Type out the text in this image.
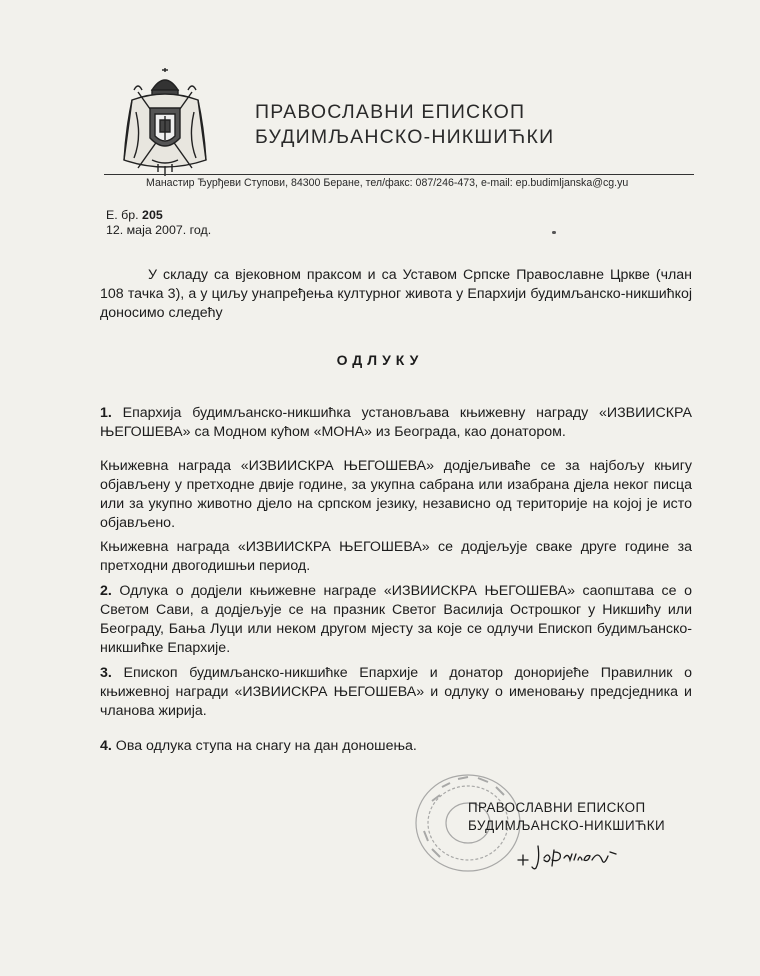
ПРАВОСЛАВНИ ЕПИСКОП
БУДИМЉАНСКО-НИКШИЋКИ
Манастир Ђурђеви Ступови, 84300 Беране, тел/факс: 087/246-473, e-mail: ep.budimljanska@cg.yu
Е. бр. 205
12. маја 2007. год.
У складу са вјековном праксом и са Уставом Српске Православне Цркве (члан 108 тачка 3), а у циљу унапређења културног живота у Епархији будимљанско-никшићкој доносимо следећу
ОДЛУКУ
1. Епархија будимљанско-никшићка установљава књижевну награду «ИЗВИИСКРА ЊЕГОШЕВА» са Модном кућом «МОНА» из Београда, као донатором.
Књижевна награда «ИЗВИИСКРА ЊЕГОШЕВА» додјељиваће се за најбољу књигу објављену у претходне двије године, за укупна сабрана или изабрана дјела неког писца или за укупно животно дјело на српском језику, независно од територије на којој је исто објављено.
Књижевна награда «ИЗВИИСКРА ЊЕГОШЕВА» се додјељује сваке друге године за претходни двогодишњи период.
2. Одлука о додјели књижевне награде «ИЗВИИСКРА ЊЕГОШЕВА» саопштава се о Светом Сави, а додјељује се на празник Светог Василија Острошког у Никшићу или Београду, Бања Луци или неком другом мјесту за које се одлучи Епископ будимљанско-никшићке Епархије.
3. Епископ будимљанско-никшићке Епархије и донатор доноријеће Правилник о књижевној награди «ИЗВИИСКРА ЊЕГОШЕВА» и одлуку о именовању предсједника и чланова жирија.
4. Ова одлука ступа на снагу на дан доношења.
ПРАВОСЛАВНИ ЕПИСКОП
БУДИМЉАНСКО-НИКШИЋКИ
